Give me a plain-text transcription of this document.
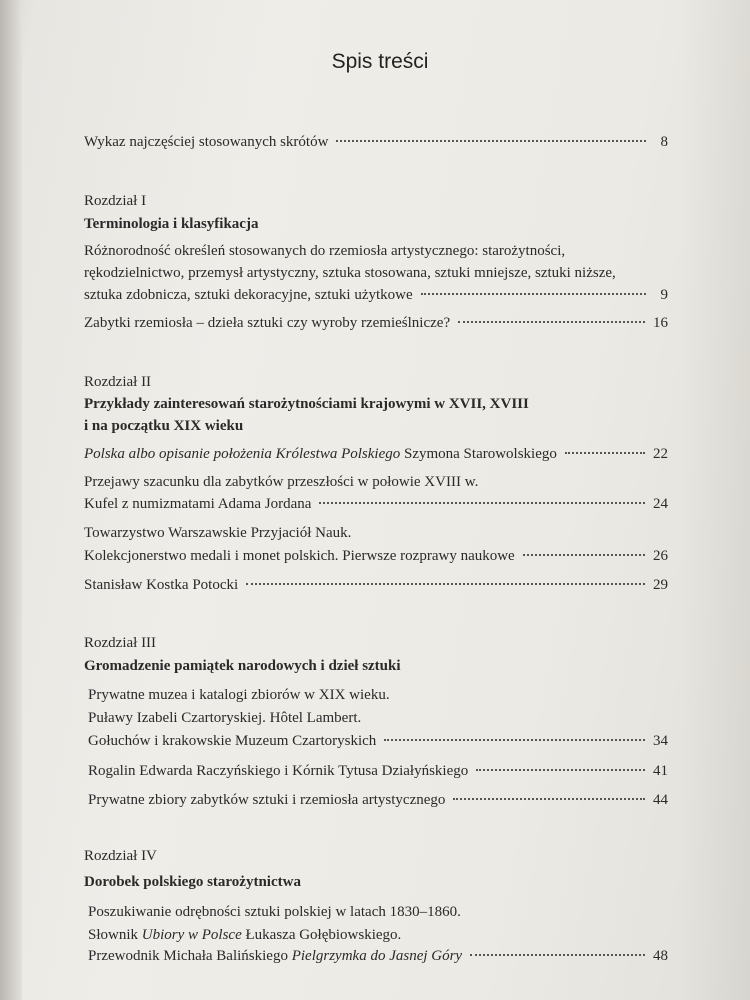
Spis treści
Wykaz najczęściej stosowanych skrótów	8
Rozdział I
Terminologia i klasyfikacja
Różnorodność określeń stosowanych do rzemiosła artystycznego: starożytności,
rękodzielnictwo, przemysł artystyczny, sztuka stosowana, sztuki mniejsze, sztuki niższe,
sztuka zdobnicza, sztuki dekoracyjne, sztuki użytkowe	9
Zabytki rzemiosła – dzieła sztuki czy wyroby rzemieślnicze?	16
Rozdział II
Przykłady zainteresowań starożytnościami krajowymi w XVII, XVIII
i na początku XIX wieku
Polska albo opisanie położenia Królestwa Polskiego Szymona Starowolskiego	22
Przejawy szacunku dla zabytków przeszłości w połowie XVIII w.
Kufel z numizmatami Adama Jordana	24
Towarzystwo Warszawskie Przyjaciół Nauk.
Kolekcjonerstwo medali i monet polskich. Pierwsze rozprawy naukowe	26
Stanisław Kostka Potocki	29
Rozdział III
Gromadzenie pamiątek narodowych i dzieł sztuki
Prywatne muzea i katalogi zbiorów w XIX wieku.
Puławy Izabeli Czartoryskiej. Hôtel Lambert.
Gołuchów i krakowskie Muzeum Czartoryskich	34
Rogalin Edwarda Raczyńskiego i Kórnik Tytusa Działyńskiego	41
Prywatne zbiory zabytków sztuki i rzemiosła artystycznego	44
Rozdział IV
Dorobek polskiego starożytnictwa
Poszukiwanie odrębności sztuki polskiej w latach 1830–1860.
Słownik Ubiory w Polsce Łukasza Gołębiowskiego.
Przewodnik Michała Balińskiego Pielgrzymka do Jasnej Góry	48
